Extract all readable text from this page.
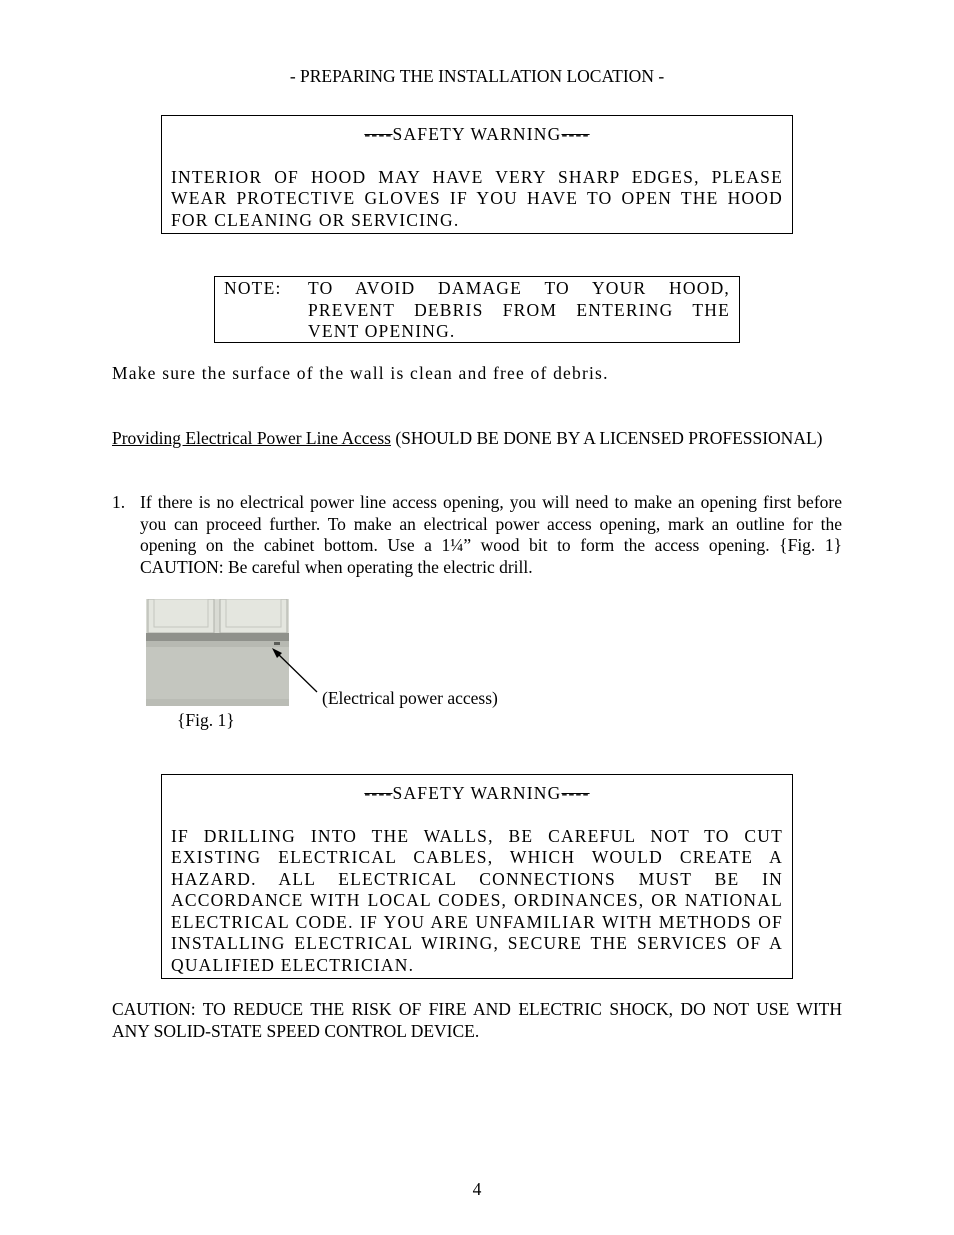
- PREPARING THE INSTALLATION LOCATION -
----SAFETY WARNING----
INTERIOR OF HOOD MAY HAVE VERY SHARP EDGES, PLEASE WEAR PROTECTIVE GLOVES IF YOU HAVE TO OPEN THE HOOD FOR CLEANING OR SERVICING.
NOTE:	TO AVOID DAMAGE TO YOUR HOOD, PREVENT DEBRIS FROM ENTERING THE VENT OPENING.
Make sure the surface of the wall is clean and free of debris.
Providing Electrical Power Line Access (SHOULD BE DONE BY A LICENSED PROFESSIONAL)
1. If there is no electrical power line access opening, you will need to make an opening first before you can proceed further. To make an electrical power access opening, mark an outline for the opening on the cabinet bottom. Use a 1¼” wood bit to form the access opening. {Fig. 1} CAUTION: Be careful when operating the electric drill.
(Electrical power access)
{Fig. 1}
----SAFETY WARNING----
IF DRILLING INTO THE WALLS, BE CAREFUL NOT TO CUT EXISTING ELECTRICAL CABLES, WHICH WOULD CREATE A HAZARD. ALL ELECTRICAL CONNECTIONS MUST BE IN ACCORDANCE WITH LOCAL CODES, ORDINANCES, OR NATIONAL ELECTRICAL CODE. IF YOU ARE UNFAMILIAR WITH METHODS OF INSTALLING ELECTRICAL WIRING, SECURE THE SERVICES OF A QUALIFIED ELECTRICIAN.
CAUTION: TO REDUCE THE RISK OF FIRE AND ELECTRIC SHOCK, DO NOT USE WITH ANY SOLID-STATE SPEED CONTROL DEVICE.
4
